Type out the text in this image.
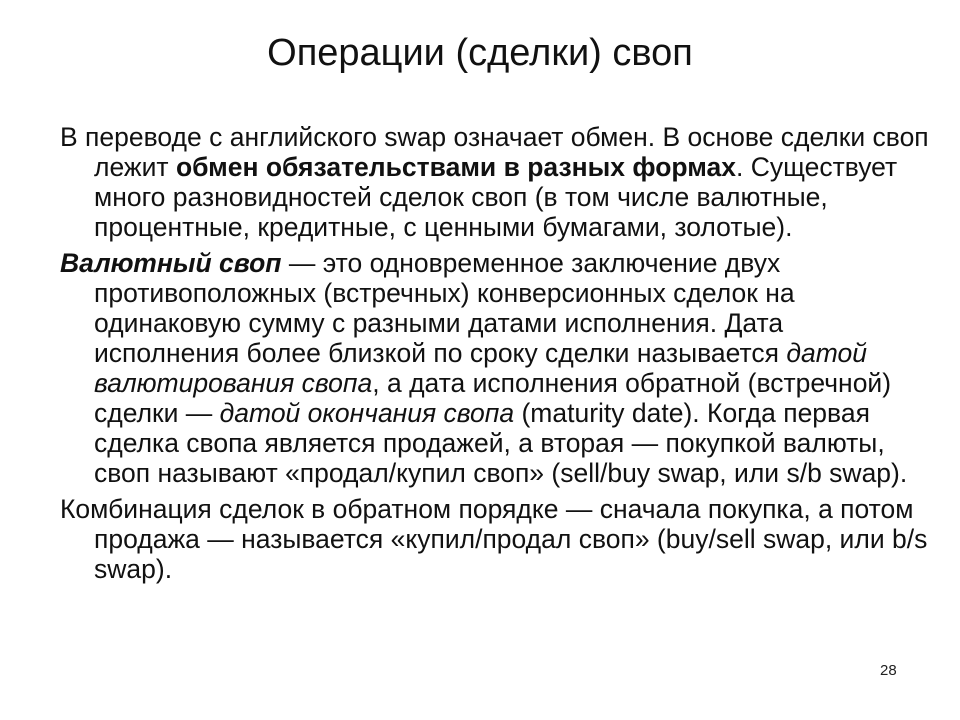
Операции (сделки) своп

В переводе с английского swap означает обмен. В основе сделки своп лежит обмен обязательствами в разных формах. Существует много разновидностей сделок своп (в том числе валютные, процентные, кредитные, с ценными бумагами, золотые).

Валютный своп — это одновременное заключение двух противоположных (встречных) конверсионных сделок на одинаковую сумму с разными датами исполнения. Дата исполнения более близкой по сроку сделки называется датой валютирования свопа, а дата исполнения обратной (встречной) сделки — датой окончания свопа (maturity date). Когда первая сделка свопа является продажей, а вторая — покупкой валюты, своп называют «продал/купил своп» (sell/buy swap, или s/b swap).

Комбинация сделок в обратном порядке — сначала покупка, а потом продажа — называется «купил/продал своп» (buy/sell swap, или b/s swap).

28
